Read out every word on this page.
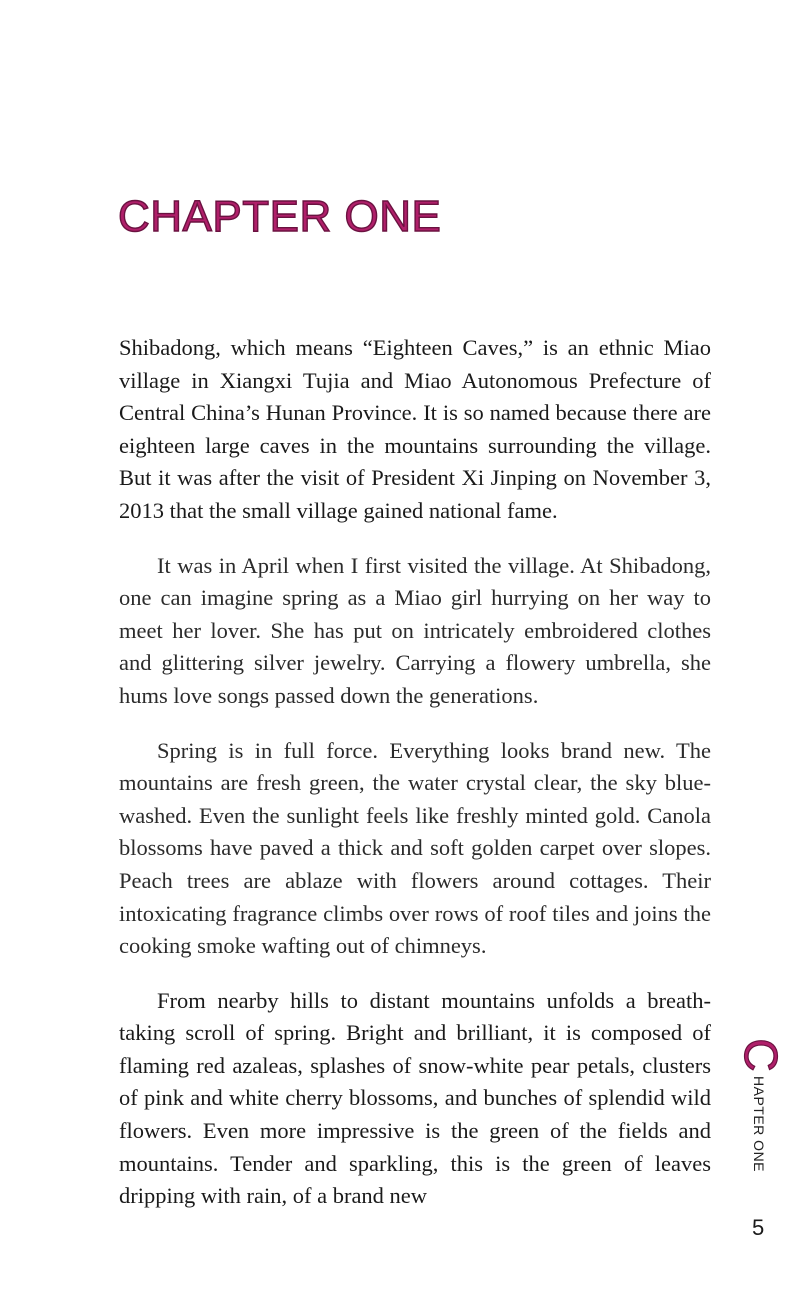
CHAPTER ONE

Shibadong, which means “Eighteen Caves,” is an ethnic Miao village in Xiangxi Tujia and Miao Autonomous Prefecture of Central China’s Hunan Province. It is so named because there are eighteen large caves in the mountains surrounding the village. But it was after the visit of President Xi Jinping on November 3, 2013 that the small village gained national fame.

It was in April when I first visited the village. At Shibadong, one can imagine spring as a Miao girl hurrying on her way to meet her lover. She has put on intricately embroidered clothes and glittering silver jewelry. Carrying a flowery umbrella, she hums love songs passed down the generations.

Spring is in full force. Everything looks brand new. The mountains are fresh green, the water crystal clear, the sky blue-washed. Even the sunlight feels like freshly minted gold. Canola blossoms have paved a thick and soft golden carpet over slopes. Peach trees are ablaze with flowers around cottages. Their intoxicating fragrance climbs over rows of roof tiles and joins the cooking smoke wafting out of chimneys.

From nearby hills to distant mountains unfolds a breath-taking scroll of spring. Bright and brilliant, it is composed of flaming red azaleas, splashes of snow-white pear petals, clusters of pink and white cherry blossoms, and bunches of splendid wild flowers. Even more impressive is the green of the fields and mountains. Tender and sparkling, this is the green of leaves dripping with rain, of a brand new

C
HAPTER ONE
5
